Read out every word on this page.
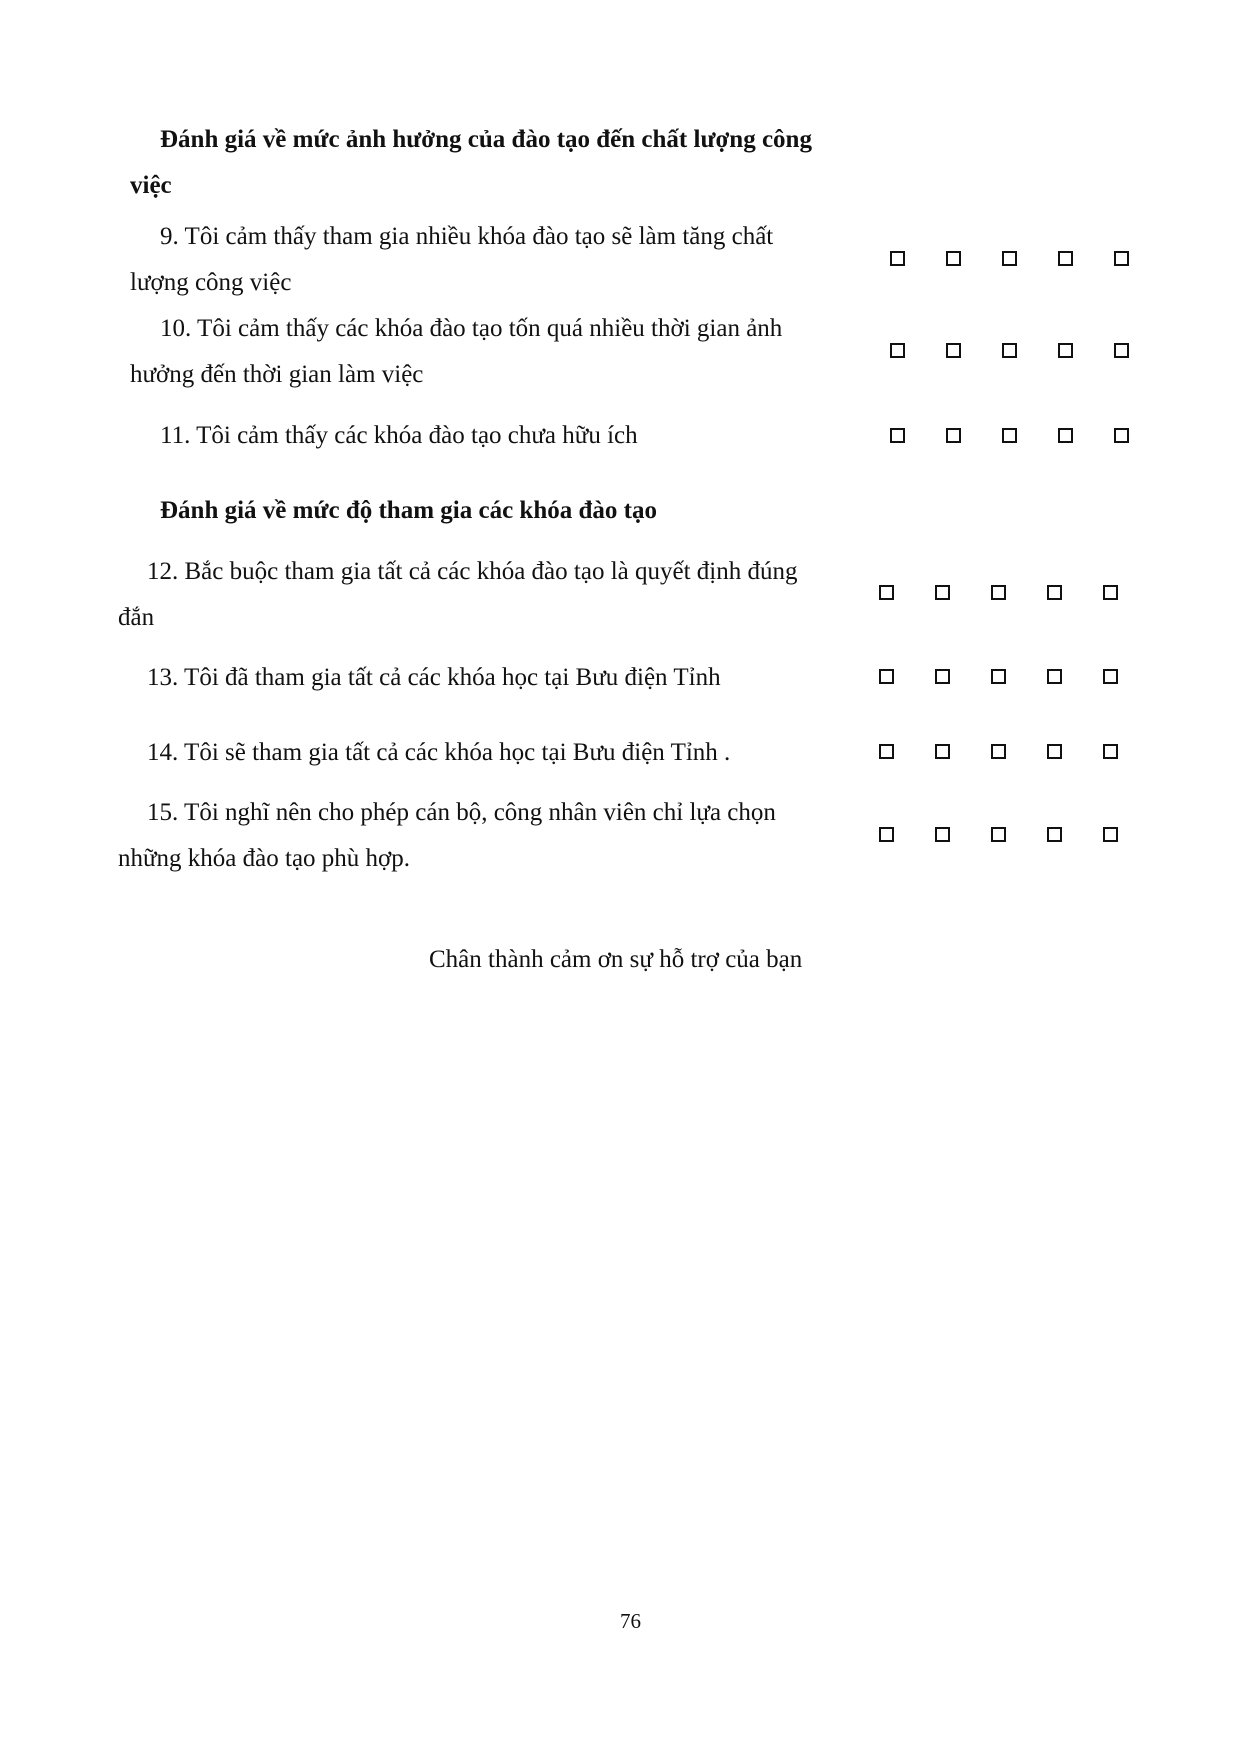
Đánh giá về mức ảnh hưởng của đào tạo đến chất lượng công
việc
9. Tôi cảm thấy tham gia nhiều khóa đào tạo sẽ làm tăng chất
lượng công việc
10. Tôi cảm thấy các khóa đào tạo tốn quá nhiều thời gian ảnh
hưởng đến thời gian làm việc
11. Tôi cảm thấy các khóa đào tạo chưa hữu ích
Đánh giá về mức độ tham gia các khóa đào tạo
12. Bắc buộc tham gia tất cả các khóa đào tạo là quyết định đúng
đắn
13. Tôi đã tham gia tất cả các khóa học tại Bưu điện Tỉnh
14. Tôi sẽ tham gia tất cả các khóa học tại Bưu điện Tỉnh .
15. Tôi nghĩ nên cho phép cán bộ, công nhân viên chỉ lựa chọn
những khóa đào tạo phù hợp.
Chân thành cảm ơn sự hỗ trợ của bạn
76
